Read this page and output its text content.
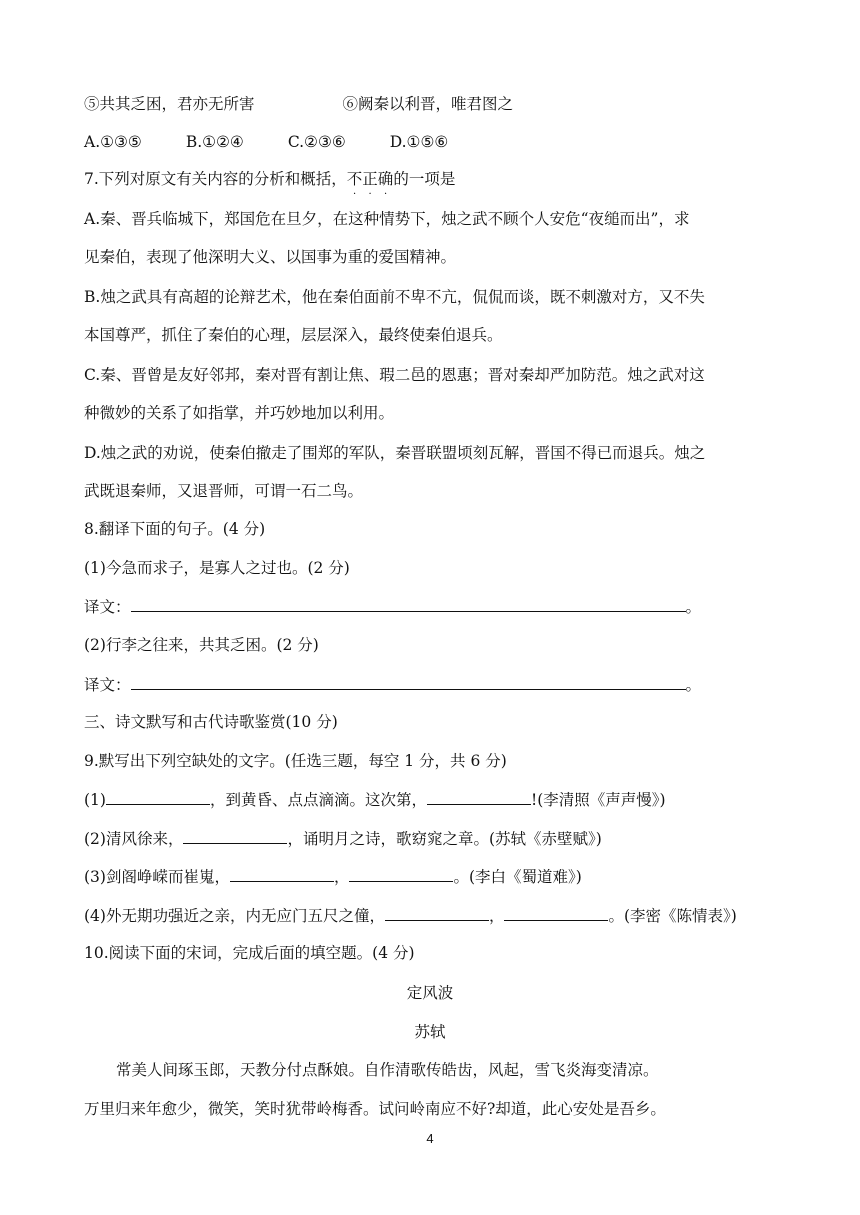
⑤共其乏困，君亦无所害	⑥阙秦以利晋，唯君图之
A.①③⑤	B.①②④	C.②③⑥	D.①⑤⑥
7.下列对原文有关内容的分析和概括，不正确
· · ·
的一项是
A.秦、晋兵临城下，郑国危在旦夕，在这种情势下，烛之武不顾个人安危“夜缒而出”，求
见秦伯，表现了他深明大义、以国事为重的爱国精神。
B.烛之武具有高超的论辩艺术，他在秦伯面前不卑不亢，侃侃而谈，既不刺激对方，又不失
本国尊严，抓住了秦伯的心理，层层深入，最终使秦伯退兵。
C.秦、晋曾是友好邻邦，秦对晋有割让焦、瑕二邑的恩惠；晋对秦却严加防范。烛之武对这
种微妙的关系了如指掌，并巧妙地加以利用。
D.烛之武的劝说，使秦伯撤走了围郑的军队，秦晋联盟顷刻瓦解，晋国不得已而退兵。烛之
武既退秦师，又退晋师，可谓一石二鸟。
8.翻译下面的句子。(4 分)
(1)今急而求子，是寡人之过也。(2 分)
译文：	。
(2)行李之往来，共其乏困。(2 分)
译文：	。
三、诗文默写和古代诗歌鉴赏(10 分)
9.默写出下列空缺处的文字。(任选三题，每空 1 分，共 6 分)
(1)	，到黄昏、点点滴滴。这次第，	!(李清照《声声慢》)
(2)清风徐来，	，诵明月之诗，歌窈窕之章。(苏轼《赤壁赋》)
(3)剑阁峥嵘而崔嵬，	，	。(李白《蜀道难》)
(4)外无期功强近之亲，内无应门五尺之僮，	，	。(李密《陈情表》)
10.阅读下面的宋词，完成后面的填空题。(4 分)
定风波
苏轼
常美人间琢玉郎，天教分付点酥娘。自作清歌传皓齿，风起，雪飞炎海变清凉。
万里归来年愈少，微笑，笑时犹带岭梅香。试问岭南应不好?却道，此心安处是吾乡。
4
